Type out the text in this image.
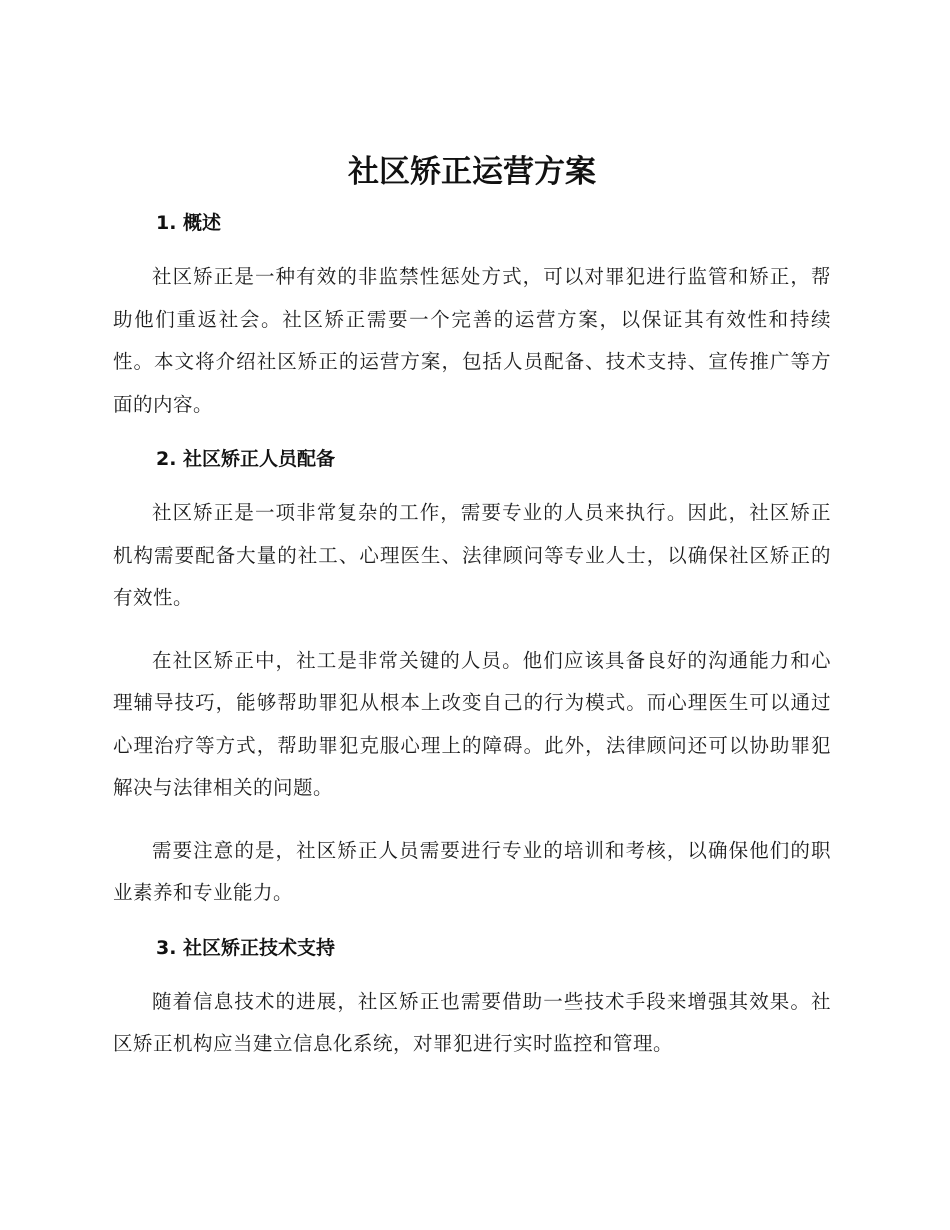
社区矫正运营方案
1. 概述

社区矫正是一种有效的非监禁性惩处方式，可以对罪犯进行监管和矫正，帮助他们重返社会。社区矫正需要一个完善的运营方案，以保证其有效性和持续性。本文将介绍社区矫正的运营方案，包括人员配备、技术支持、宣传推广等方面的内容。

2. 社区矫正人员配备

社区矫正是一项非常复杂的工作，需要专业的人员来执行。因此，社区矫正机构需要配备大量的社工、心理医生、法律顾问等专业人士，以确保社区矫正的有效性。

在社区矫正中，社工是非常关键的人员。他们应该具备良好的沟通能力和心理辅导技巧，能够帮助罪犯从根本上改变自己的行为模式。而心理医生可以通过心理治疗等方式，帮助罪犯克服心理上的障碍。此外，法律顾问还可以协助罪犯解决与法律相关的问题。

需要注意的是，社区矫正人员需要进行专业的培训和考核，以确保他们的职业素养和专业能力。

3. 社区矫正技术支持

随着信息技术的进展，社区矫正也需要借助一些技术手段来增强其效果。社区矫正机构应当建立信息化系统，对罪犯进行实时监控和管理。
